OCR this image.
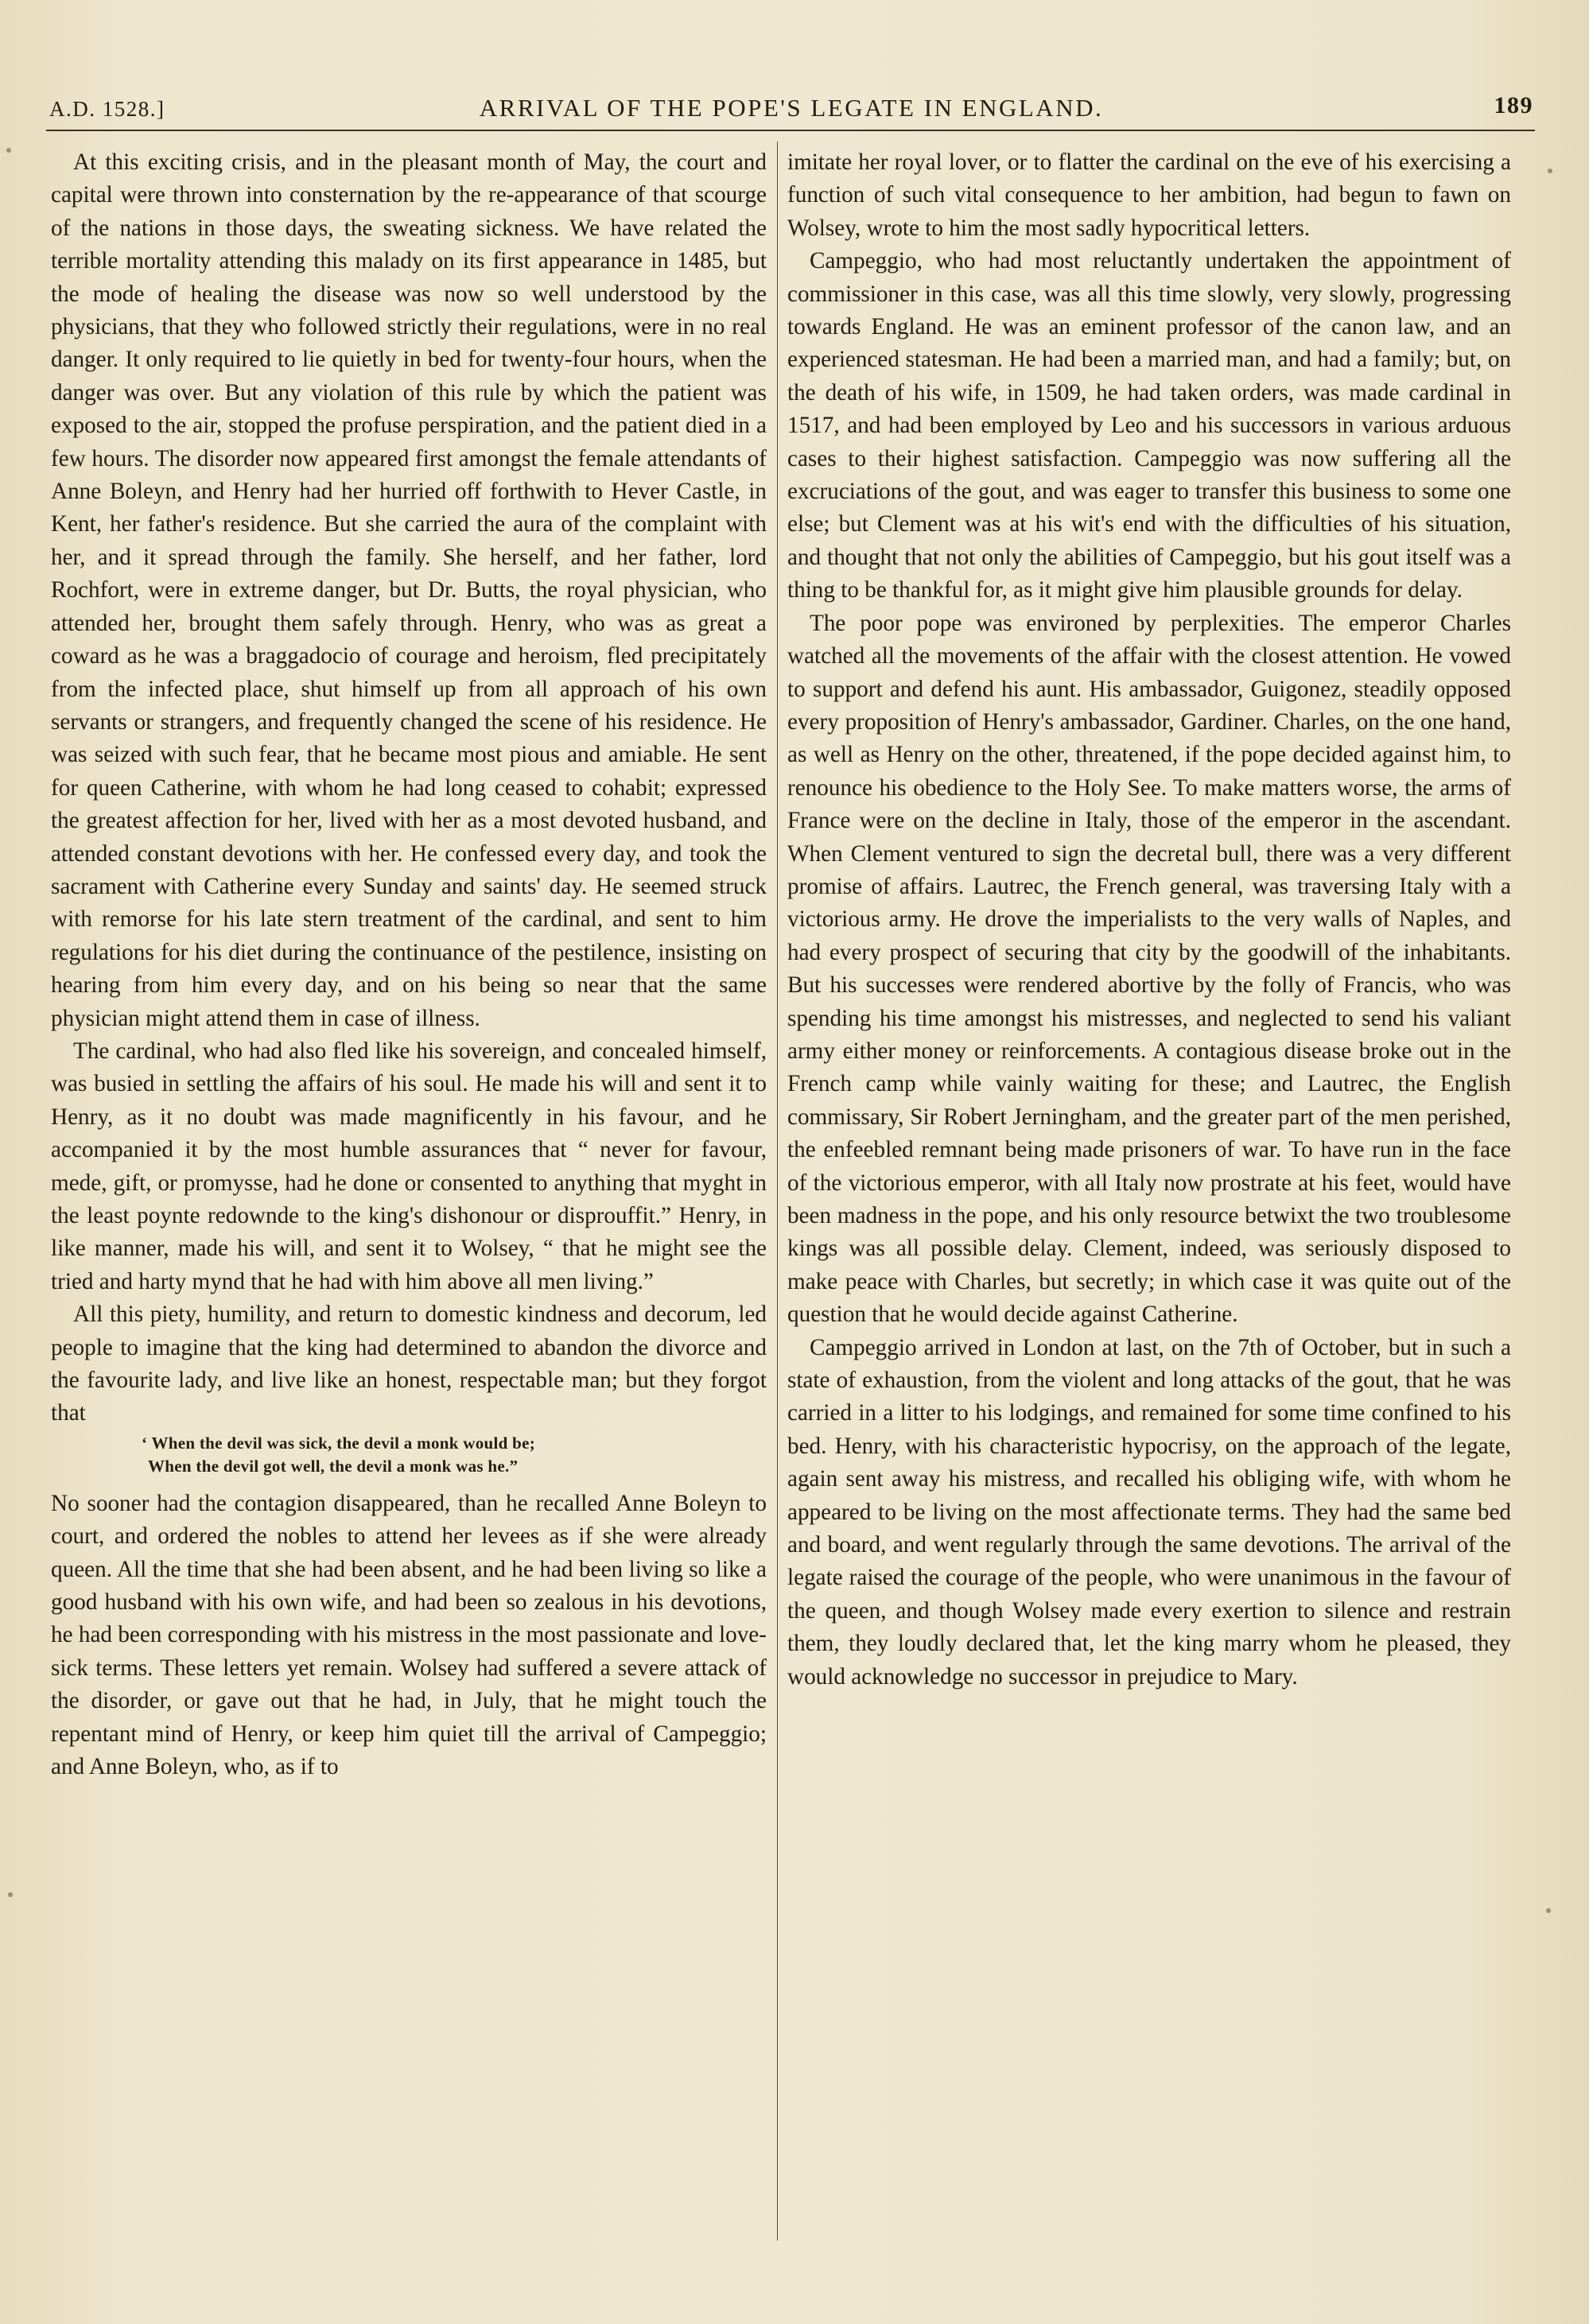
A.D. 1528.]	ARRIVAL OF THE POPE'S LEGATE IN ENGLAND.	189

At this exciting crisis, and in the pleasant month of May, the court and capital were thrown into consternation by the re-appearance of that scourge of the nations in those days, the sweating sickness. We have related the terrible mortality attending this malady on its first appearance in 1485, but the mode of healing the disease was now so well understood by the physicians, that they who followed strictly their regulations, were in no real danger. It only required to lie quietly in bed for twenty-four hours, when the danger was over. But any violation of this rule by which the patient was exposed to the air, stopped the profuse perspiration, and the patient died in a few hours. The disorder now appeared first amongst the female attendants of Anne Boleyn, and Henry had her hurried off forthwith to Hever Castle, in Kent, her father's residence. But she carried the aura of the complaint with her, and it spread through the family. She herself, and her father, lord Rochfort, were in extreme danger, but Dr. Butts, the royal physician, who attended her, brought them safely through. Henry, who was as great a coward as he was a braggadocio of courage and heroism, fled precipitately from the infected place, shut himself up from all approach of his own servants or strangers, and frequently changed the scene of his residence. He was seized with such fear, that he became most pious and amiable. He sent for queen Catherine, with whom he had long ceased to cohabit; expressed the greatest affection for her, lived with her as a most devoted husband, and attended constant devotions with her. He confessed every day, and took the sacrament with Catherine every Sunday and saints' day. He seemed struck with remorse for his late stern treatment of the cardinal, and sent to him regulations for his diet during the continuance of the pestilence, insisting on hearing from him every day, and on his being so near that the same physician might attend them in case of illness.

The cardinal, who had also fled like his sovereign, and concealed himself, was busied in settling the affairs of his soul. He made his will and sent it to Henry, as it no doubt was made magnificently in his favour, and he accompanied it by the most humble assurances that “ never for favour, mede, gift, or promysse, had he done or consented to anything that myght in the least poynte redownde to the king's dishonour or disprouffit.” Henry, in like manner, made his will, and sent it to Wolsey, “ that he might see the tried and harty mynd that he had with him above all men living.”

All this piety, humility, and return to domestic kindness and decorum, led people to imagine that the king had determined to abandon the divorce and the favourite lady, and live like an honest, respectable man; but they forgot that

‘ When the devil was sick, the devil a monk would be;
When the devil got well, the devil a monk was he.”

No sooner had the contagion disappeared, than he recalled Anne Boleyn to court, and ordered the nobles to attend her levees as if she were already queen. All the time that she had been absent, and he had been living so like a good husband with his own wife, and had been so zealous in his devotions, he had been corresponding with his mistress in the most passionate and love-sick terms. These letters yet remain. Wolsey had suffered a severe attack of the disorder, or gave out that he had, in July, that he might touch the repentant mind of Henry, or keep him quiet till the arrival of Campeggio; and Anne Boleyn, who, as if to

imitate her royal lover, or to flatter the cardinal on the eve of his exercising a function of such vital consequence to her ambition, had begun to fawn on Wolsey, wrote to him the most sadly hypocritical letters.

Campeggio, who had most reluctantly undertaken the appointment of commissioner in this case, was all this time slowly, very slowly, progressing towards England. He was an eminent professor of the canon law, and an experienced statesman. He had been a married man, and had a family; but, on the death of his wife, in 1509, he had taken orders, was made cardinal in 1517, and had been employed by Leo and his successors in various arduous cases to their highest satisfaction. Campeggio was now suffering all the excruciations of the gout, and was eager to transfer this business to some one else; but Clement was at his wit's end with the difficulties of his situation, and thought that not only the abilities of Campeggio, but his gout itself was a thing to be thankful for, as it might give him plausible grounds for delay.

The poor pope was environed by perplexities. The emperor Charles watched all the movements of the affair with the closest attention. He vowed to support and defend his aunt. His ambassador, Guigonez, steadily opposed every proposition of Henry's ambassador, Gardiner. Charles, on the one hand, as well as Henry on the other, threatened, if the pope decided against him, to renounce his obedience to the Holy See. To make matters worse, the arms of France were on the decline in Italy, those of the emperor in the ascendant. When Clement ventured to sign the decretal bull, there was a very different promise of affairs. Lautrec, the French general, was traversing Italy with a victorious army. He drove the imperialists to the very walls of Naples, and had every prospect of securing that city by the goodwill of the inhabitants. But his successes were rendered abortive by the folly of Francis, who was spending his time amongst his mistresses, and neglected to send his valiant army either money or reinforcements. A contagious disease broke out in the French camp while vainly waiting for these; and Lautrec, the English commissary, Sir Robert Jerningham, and the greater part of the men perished, the enfeebled remnant being made prisoners of war. To have run in the face of the victorious emperor, with all Italy now prostrate at his feet, would have been madness in the pope, and his only resource betwixt the two troublesome kings was all possible delay. Clement, indeed, was seriously disposed to make peace with Charles, but secretly; in which case it was quite out of the question that he would decide against Catherine.

Campeggio arrived in London at last, on the 7th of October, but in such a state of exhaustion, from the violent and long attacks of the gout, that he was carried in a litter to his lodgings, and remained for some time confined to his bed. Henry, with his characteristic hypocrisy, on the approach of the legate, again sent away his mistress, and recalled his obliging wife, with whom he appeared to be living on the most affectionate terms. They had the same bed and board, and went regularly through the same devotions. The arrival of the legate raised the courage of the people, who were unanimous in the favour of the queen, and though Wolsey made every exertion to silence and restrain them, they loudly declared that, let the king marry whom he pleased, they would acknowledge no successor in prejudice to Mary.
